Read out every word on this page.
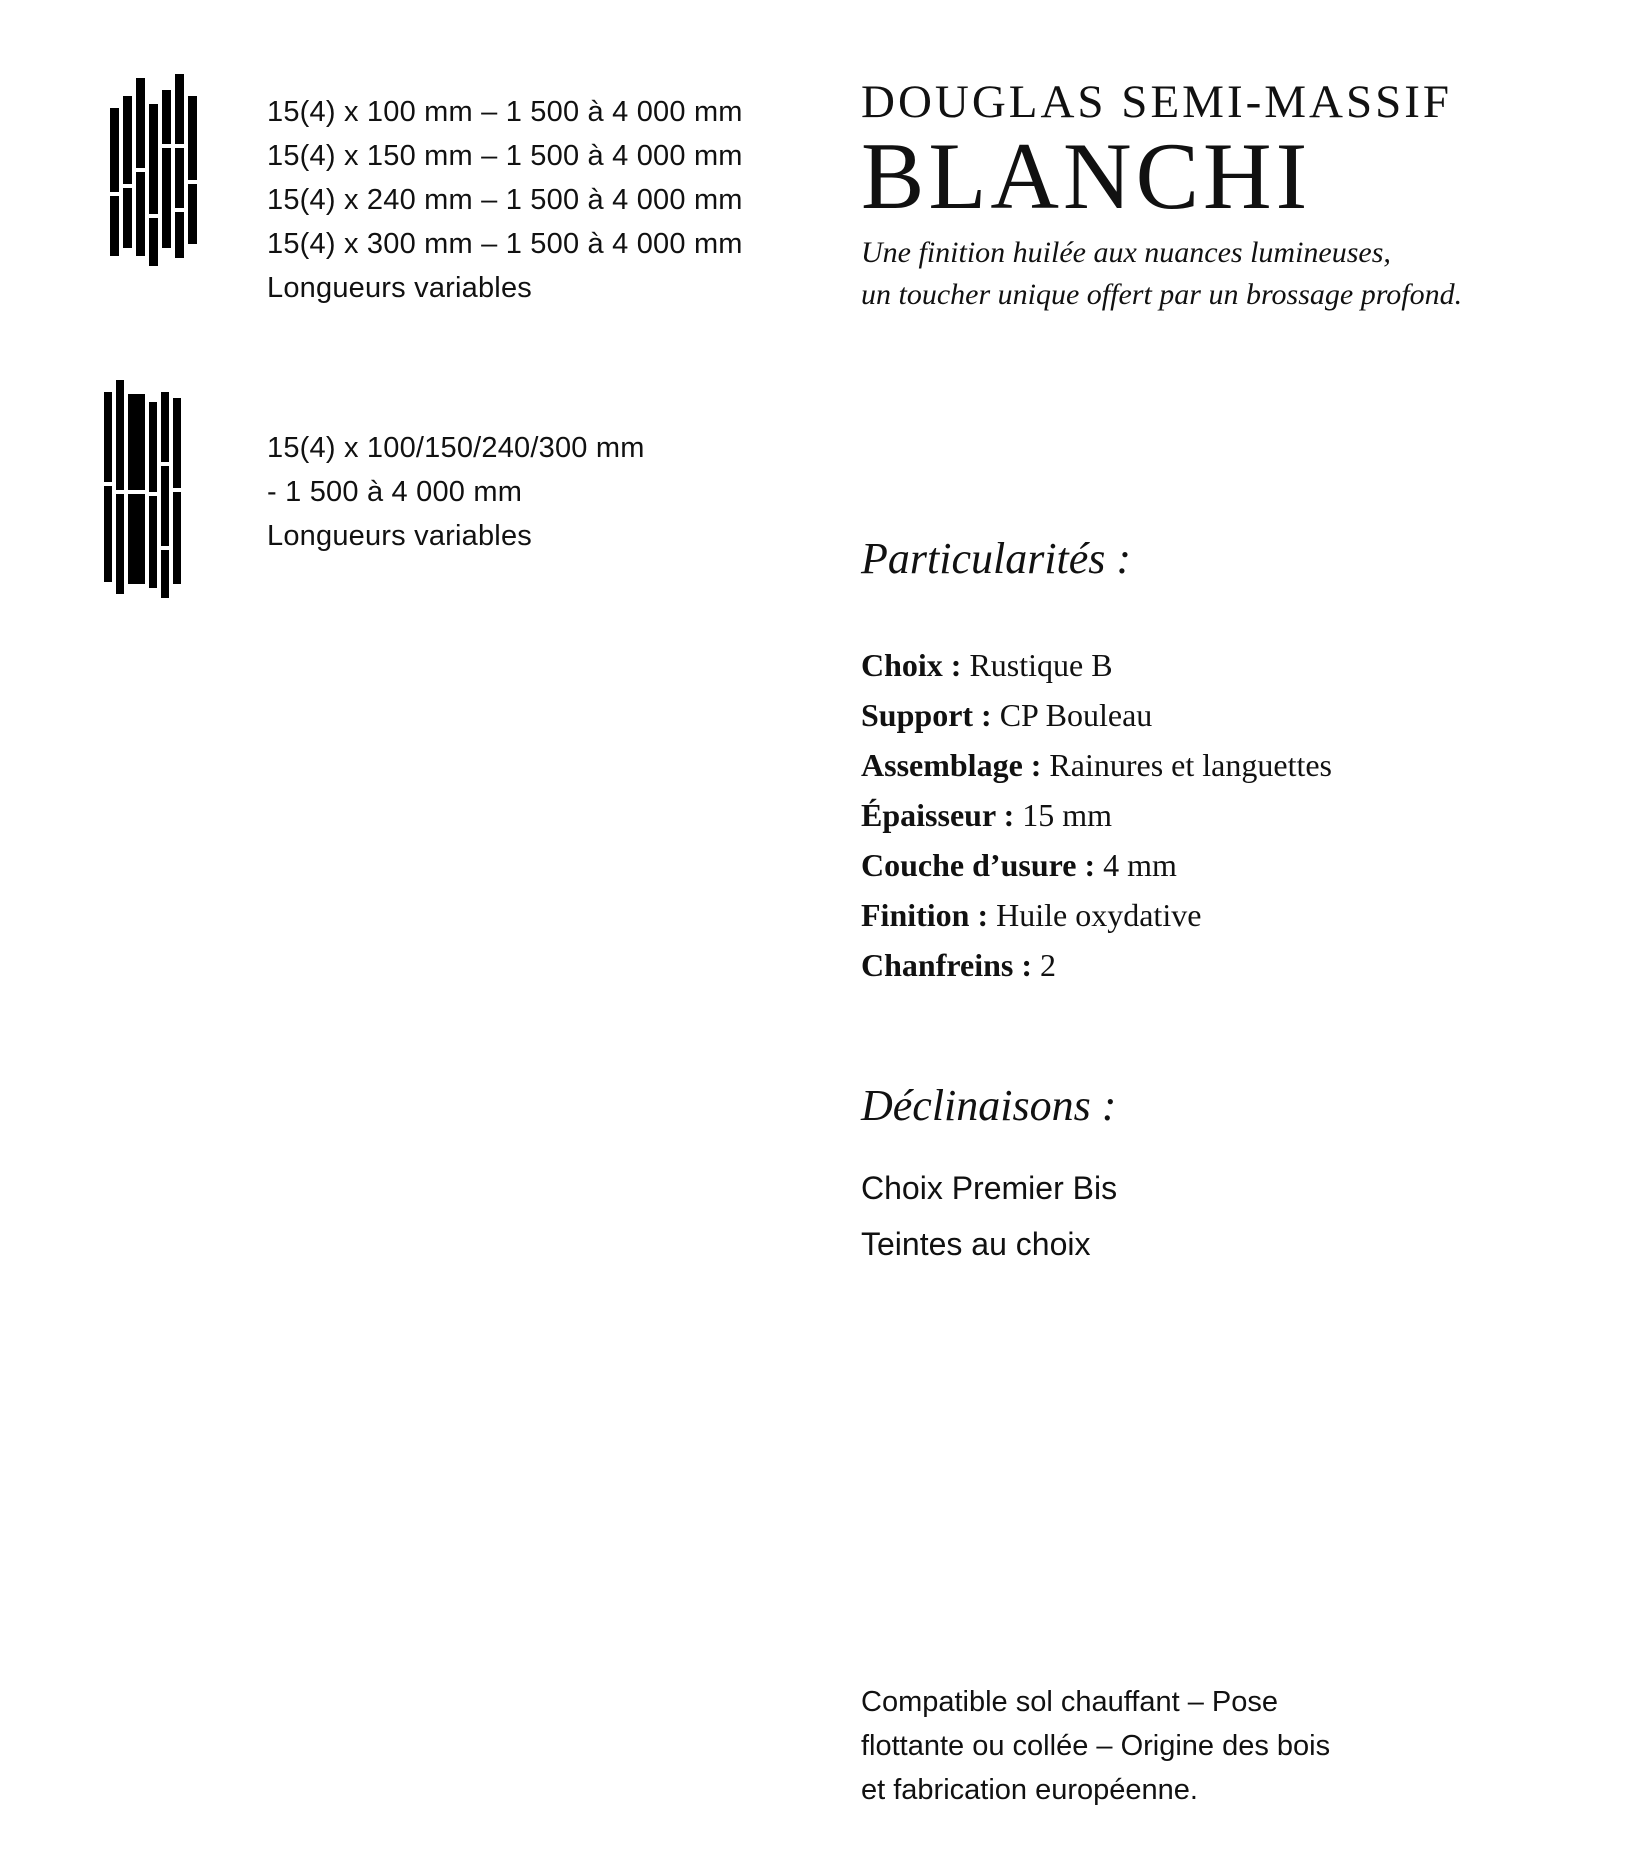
15(4) x 100 mm – 1 500 à 4 000 mm
15(4) x 150 mm – 1 500 à 4 000 mm
15(4) x 240 mm – 1 500 à 4 000 mm
15(4) x 300 mm – 1 500 à 4 000 mm
Longueurs variables
15(4) x 100/150/240/300 mm
- 1 500 à 4 000 mm
Longueurs variables
DOUGLAS SEMI-MASSIF
BLANCHI
Une finition huilée aux nuances lumineuses,
un toucher unique offert par un brossage profond.
Particularités :
Choix : Rustique B
Support : CP Bouleau
Assemblage : Rainures et languettes
Épaisseur : 15 mm
Couche d’usure : 4 mm
Finition : Huile oxydative
Chanfreins : 2
Déclinaisons :
Choix Premier Bis
Teintes au choix
Compatible sol chauffant – Pose
flottante ou collée – Origine des bois
et fabrication européenne.
